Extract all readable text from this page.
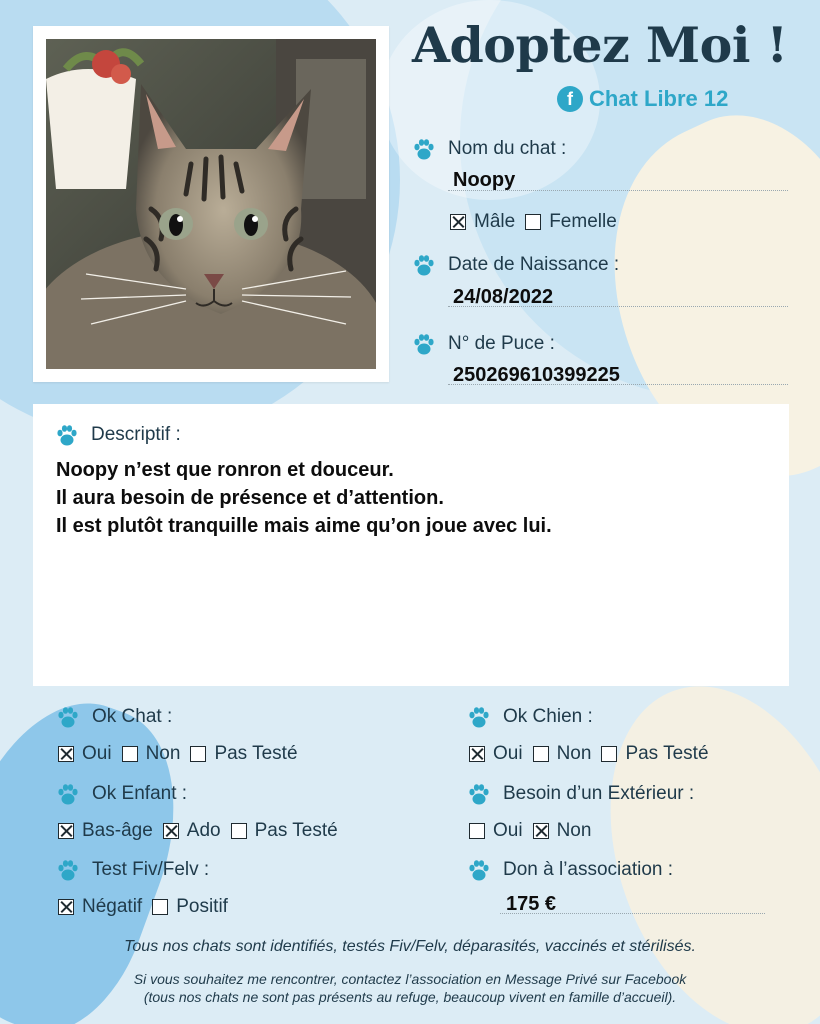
Adoptez Moi !
f Chat Libre 12
Nom du chat :
Noopy
Mâle Femelle
Date de Naissance :
24/08/2022
N° de Puce :
250269610399225
Descriptif :
Noopy n’est que ronron et douceur.
Il aura besoin de présence et d’attention.
Il est plutôt tranquille mais aime qu’on joue avec lui.
Ok Chat :
Oui Non Pas Testé
Ok Chien :
Oui Non Pas Testé
Ok Enfant :
Bas-âge Ado Pas Testé
Besoin d’un Extérieur :
Oui Non
Test Fiv/Felv :
Négatif Positif
Don à l’association :
175 €
Tous nos chats sont identifiés, testés Fiv/Felv, déparasités, vaccinés et stérilisés.
Si vous souhaitez me rencontrer, contactez l’association en Message Privé sur Facebook
(tous nos chats ne sont pas présents au refuge, beaucoup vivent en famille d’accueil).
